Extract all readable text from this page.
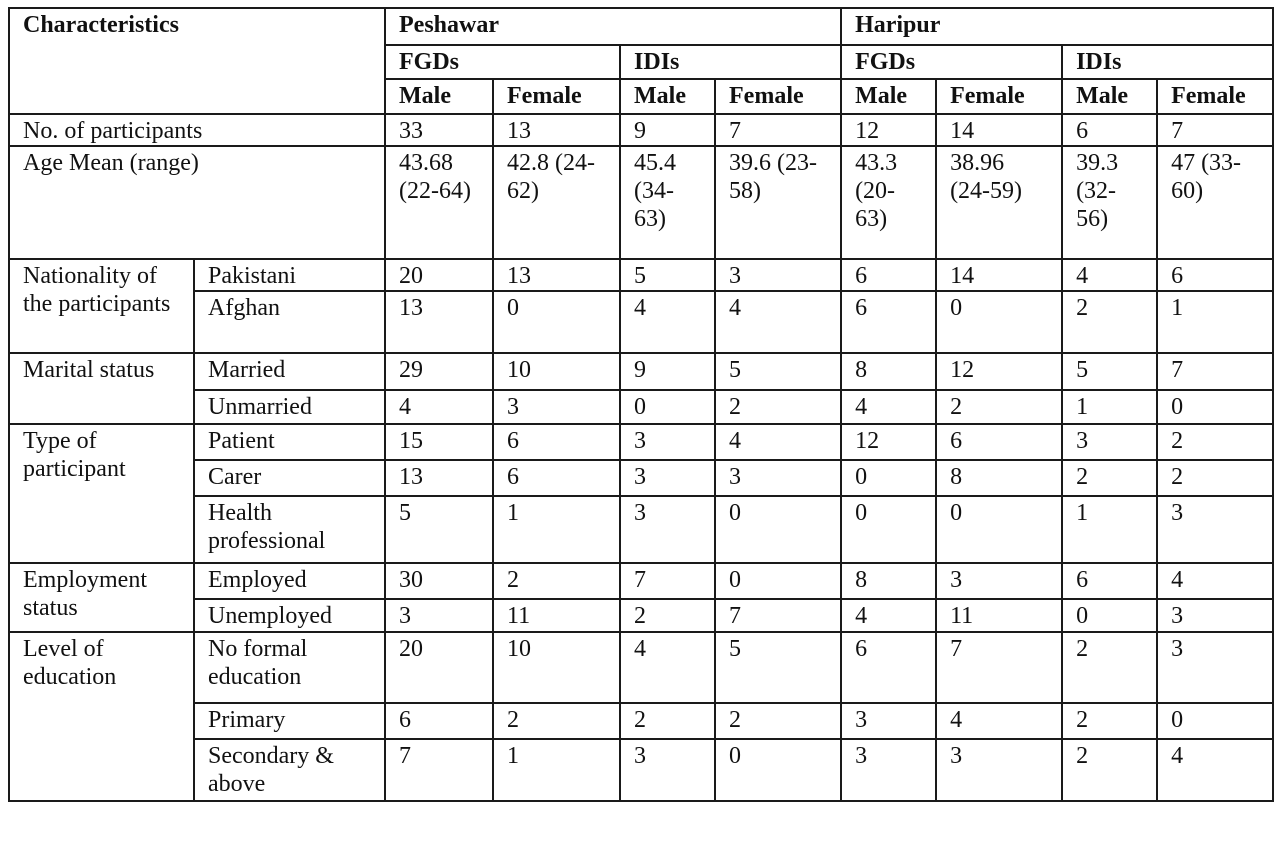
Characteristics		Peshawar				Haripur			
		FGDs		IDIs		FGDs		IDIs	
		Male	Female	Male	Female	Male	Female	Male	Female
No. of participants		33	13	9	7	12	14	6	7
Age Mean (range)		43.68 (22-64)	42.8 (24-62)	45.4 (34-63)	39.6 (23-58)	43.3 (20-63)	38.96 (24-59)	39.3 (32-56)	47 (33-60)
Nationality of the participants	Pakistani	20	13	5	3	6	14	4	6
	Afghan	13	0	4	4	6	0	2	1
Marital status	Married	29	10	9	5	8	12	5	7
	Unmarried	4	3	0	2	4	2	1	0
Type of participant	Patient	15	6	3	4	12	6	3	2
	Carer	13	6	3	3	0	8	2	2
	Health professional	5	1	3	0	0	0	1	3
Employment status	Employed	30	2	7	0	8	3	6	4
	Unemployed	3	11	2	7	4	11	0	3
Level of education	No formal education	20	10	4	5	6	7	2	3
	Primary	6	2	2	2	3	4	2	0
	Secondary & above	7	1	3	0	3	3	2	4
